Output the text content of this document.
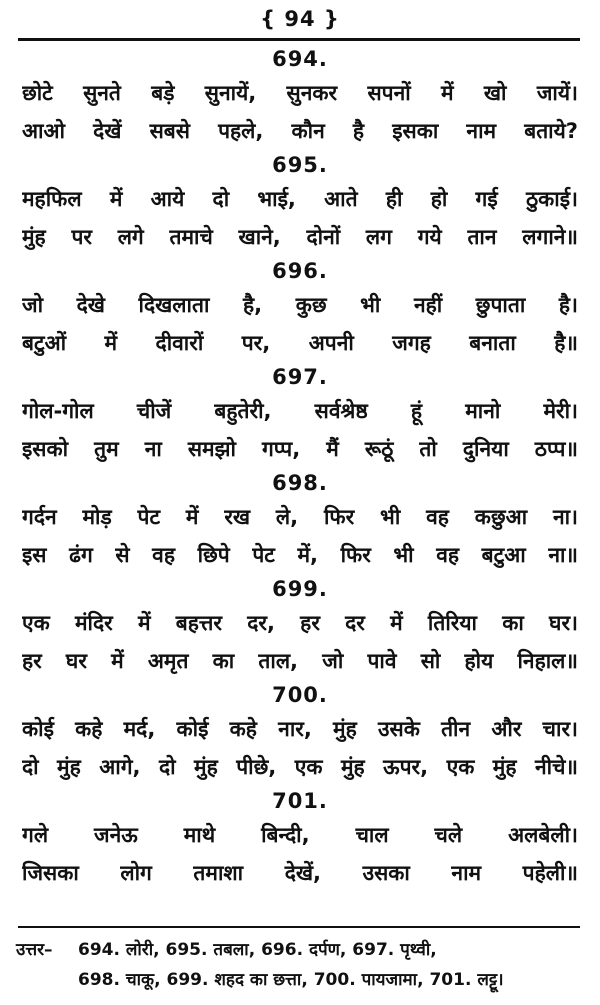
{ 94 }
694.
छोटे सुनते बड़े सुनायें, सुनकर सपनों में खो जायें।
आओ देखें सबसे पहले, कौन है इसका नाम बताये?
695.
महफिल में आये दो भाई, आते ही हो गई ठुकाई।
मुंह पर लगे तमाचे खाने, दोनों लग गये तान लगाने॥
696.
जो देखे दिखलाता है, कुछ भी नहीं छुपाता है।
बटुओं में दीवारों पर, अपनी जगह बनाता है॥
697.
गोल-गोल चीजें बहुतेरी, सर्वश्रेष्ठ हूं मानो मेरी।
इसको तुम ना समझो गप्प, मैं रूठूं तो दुनिया ठप्प॥
698.
गर्दन मोड़ पेट में रख ले, फिर भी वह कछुआ ना।
इस ढंग से वह छिपे पेट में, फिर भी वह बटुआ ना॥
699.
एक मंदिर में बहत्तर दर, हर दर में तिरिया का घर।
हर घर में अमृत का ताल, जो पावे सो होय निहाल॥
700.
कोई कहे मर्द, कोई कहे नार, मुंह उसके तीन और चार।
दो मुंह आगे, दो मुंह पीछे, एक मुंह ऊपर, एक मुंह नीचे॥
701.
गले जनेऊ माथे बिन्दी, चाल चले अलबेली।
जिसका लोग तमाशा देखें, उसका नाम पहेली॥
उत्तर–	694. लोरी, 695. तबला, 696. दर्पण, 697. पृथ्वी,
698. चाकू, 699. शहद का छत्ता, 700. पायजामा, 701. लट्टू।
